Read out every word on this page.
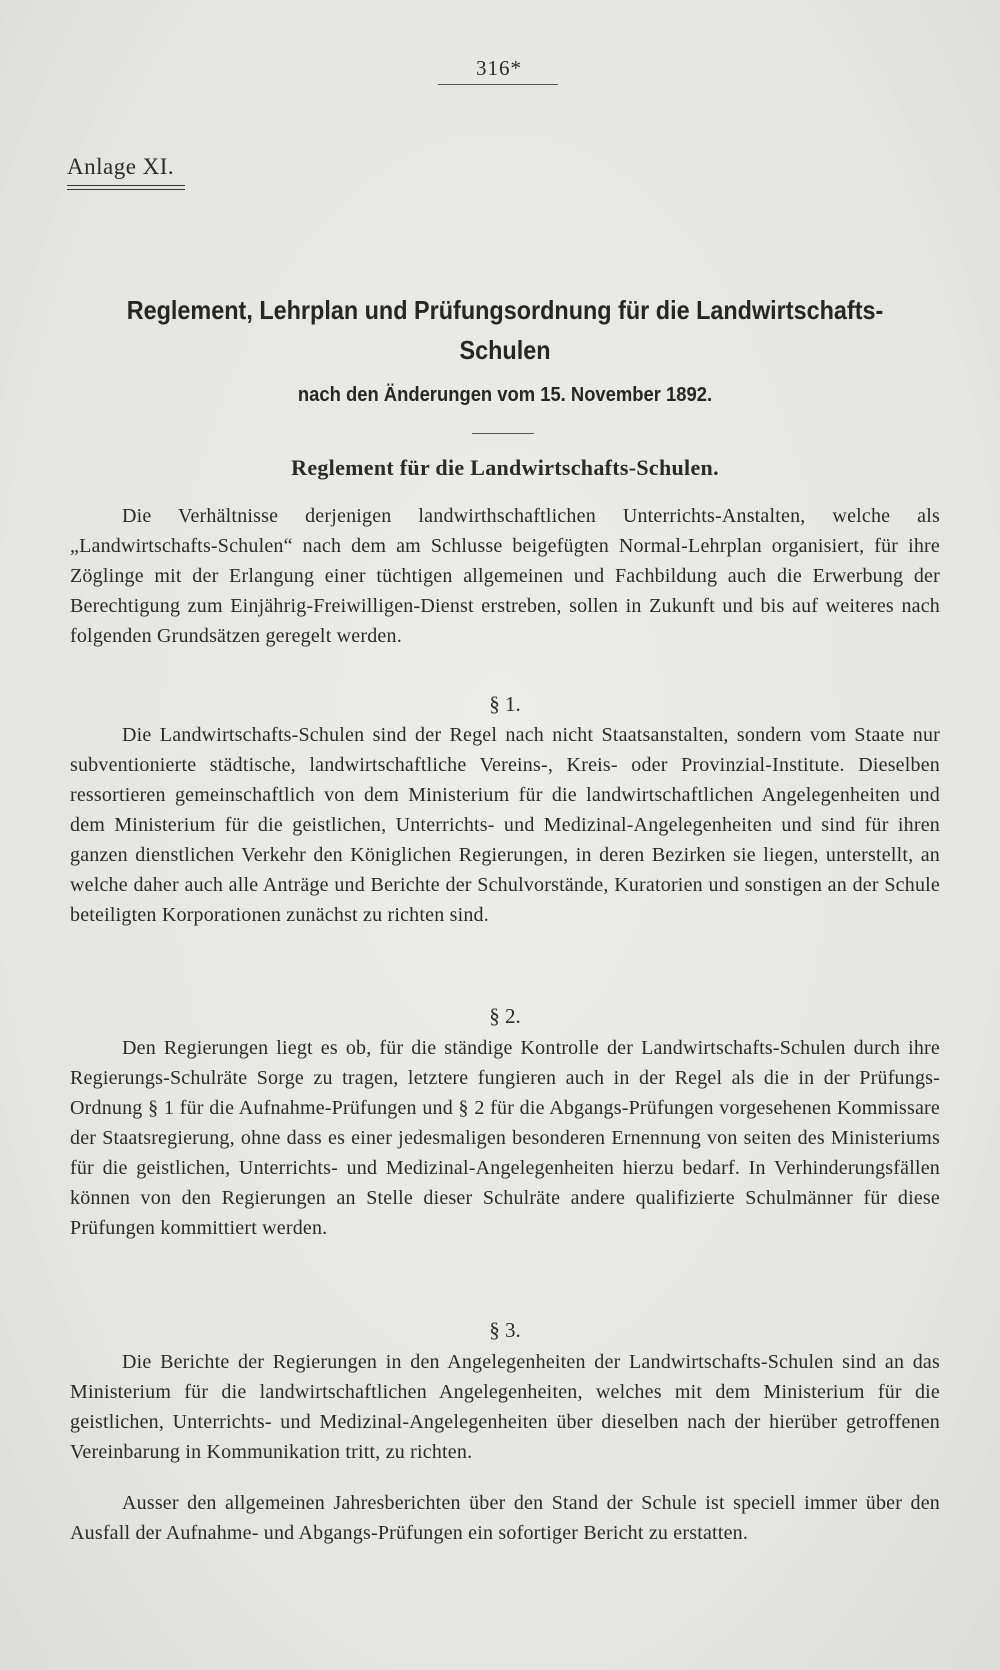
316*
Anlage XI.
Reglement, Lehrplan und Prüfungsordnung für die Landwirtschafts-Schulen
nach den Änderungen vom 15. November 1892.
Reglement für die Landwirtschafts-Schulen.
Die Verhältnisse derjenigen landwirthschaftlichen Unterrichts-Anstalten, welche als „Landwirtschafts-Schulen“ nach dem am Schlusse beigefügten Normal-Lehrplan organisiert, für ihre Zöglinge mit der Erlangung einer tüchtigen allgemeinen und Fachbildung auch die Erwerbung der Berechtigung zum Einjährig-Freiwilligen-Dienst erstreben, sollen in Zukunft und bis auf weiteres nach folgenden Grundsätzen geregelt werden.
§ 1.
Die Landwirtschafts-Schulen sind der Regel nach nicht Staatsanstalten, sondern vom Staate nur subventionierte städtische, landwirtschaftliche Vereins-, Kreis- oder Provinzial-Institute. Dieselben ressortieren gemeinschaftlich von dem Ministerium für die landwirtschaftlichen Angelegenheiten und dem Ministerium für die geistlichen, Unterrichts- und Medizinal-Angelegenheiten und sind für ihren ganzen dienstlichen Verkehr den Königlichen Regierungen, in deren Bezirken sie liegen, unterstellt, an welche daher auch alle Anträge und Berichte der Schulvorstände, Kuratorien und sonstigen an der Schule beteiligten Korporationen zunächst zu richten sind.
§ 2.
Den Regierungen liegt es ob, für die ständige Kontrolle der Landwirtschafts-Schulen durch ihre Regierungs-Schulräte Sorge zu tragen, letztere fungieren auch in der Regel als die in der Prüfungs-Ordnung § 1 für die Aufnahme-Prüfungen und § 2 für die Abgangs-Prüfungen vorgesehenen Kommissare der Staatsregierung, ohne dass es einer jedesmaligen besonderen Ernennung von seiten des Ministeriums für die geistlichen, Unterrichts- und Medizinal-Angelegenheiten hierzu bedarf. In Verhinderungsfällen können von den Regierungen an Stelle dieser Schulräte andere qualifizierte Schulmänner für diese Prüfungen kommittiert werden.
§ 3.
Die Berichte der Regierungen in den Angelegenheiten der Landwirtschafts-Schulen sind an das Ministerium für die landwirtschaftlichen Angelegenheiten, welches mit dem Ministerium für die geistlichen, Unterrichts- und Medizinal-Angelegenheiten über dieselben nach der hierüber getroffenen Vereinbarung in Kommunikation tritt, zu richten.
Ausser den allgemeinen Jahresberichten über den Stand der Schule ist speciell immer über den Ausfall der Aufnahme- und Abgangs-Prüfungen ein sofortiger Bericht zu erstatten.
